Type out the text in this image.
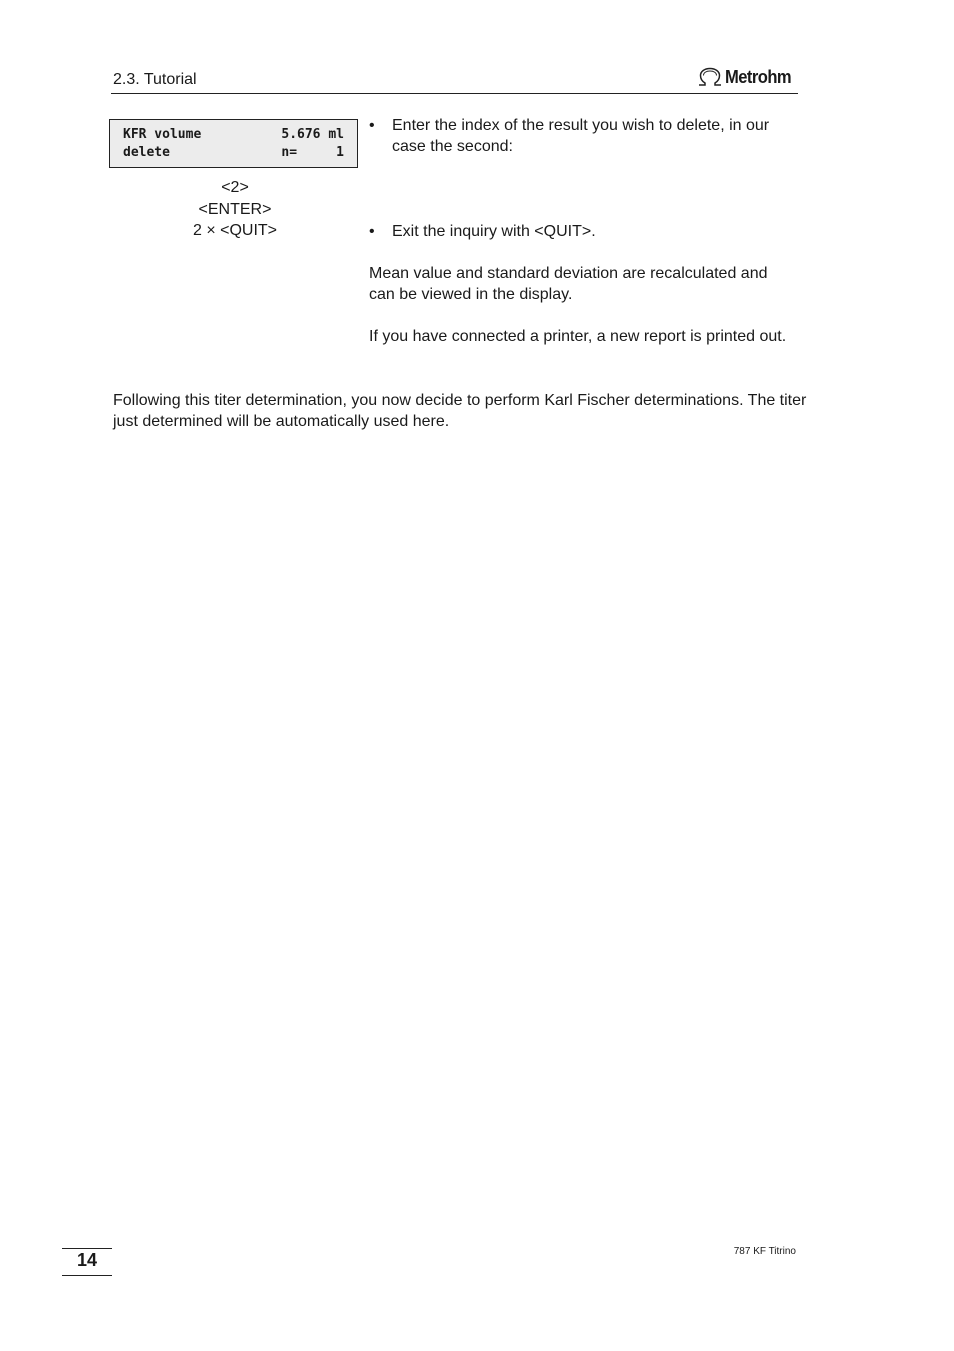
2.3. Tutorial	Metrohm
KFR volume	5.676 ml
delete	n=     1
<2>
<ENTER>
2 × <QUIT>
•	Enter the index of the result you wish to delete, in our case the second:
•	Exit the inquiry with <QUIT>.
Mean value and standard deviation are recalculated and can be viewed in the display.
If you have connected a printer, a new report is printed out.
Following this titer determination, you now decide to perform Karl Fischer determinations. The titer just determined will be automatically used here.
14	787 KF Titrino
